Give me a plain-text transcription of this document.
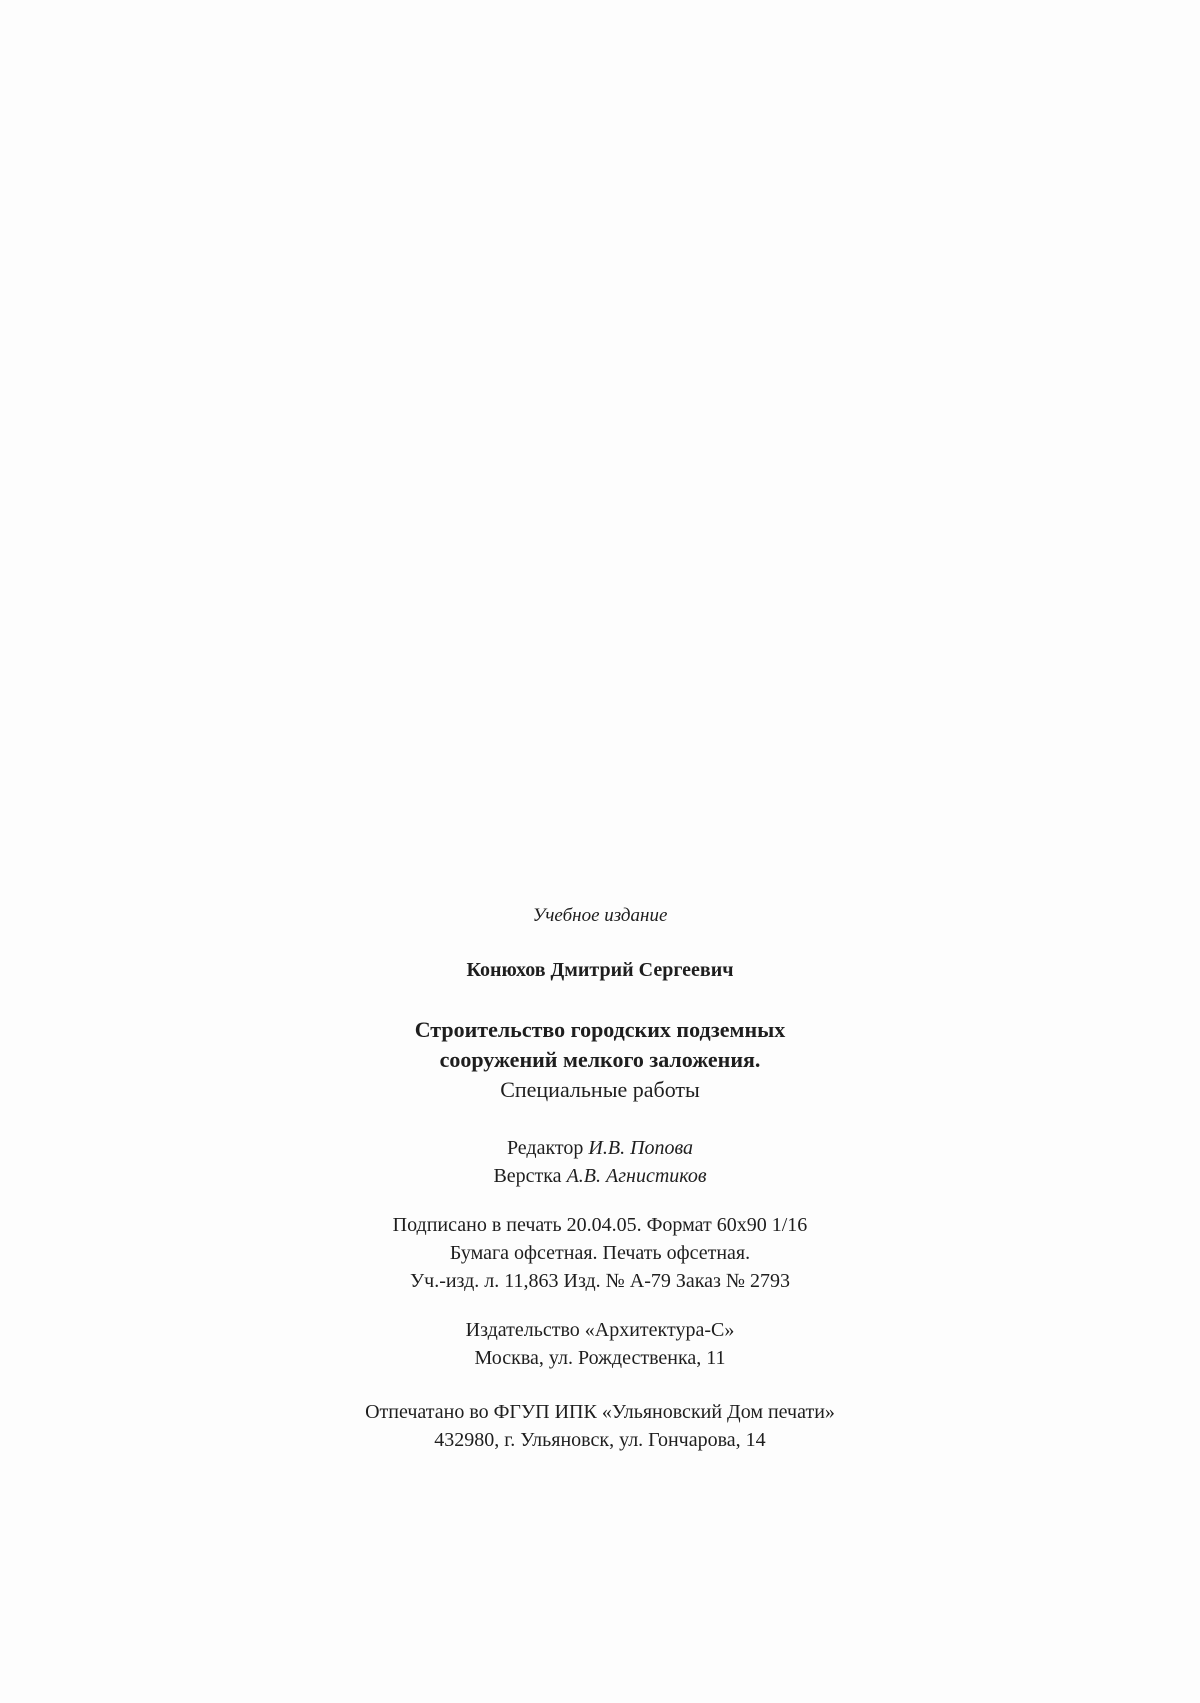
Учебное издание
Конюхов Дмитрий Сергеевич
Строительство городских подземных
сооружений мелкого заложения.
Специальные работы
Редактор И.В. Попова
Верстка А.В. Агнистиков
Подписано в печать 20.04.05. Формат 60x90 1/16
Бумага офсетная. Печать офсетная.
Уч.-изд. л. 11,863 Изд. № А-79 Заказ № 2793
Издательство «Архитектура-С»
Москва, ул. Рождественка, 11
Отпечатано во ФГУП ИПК «Ульяновский Дом печати»
432980, г. Ульяновск, ул. Гончарова, 14
